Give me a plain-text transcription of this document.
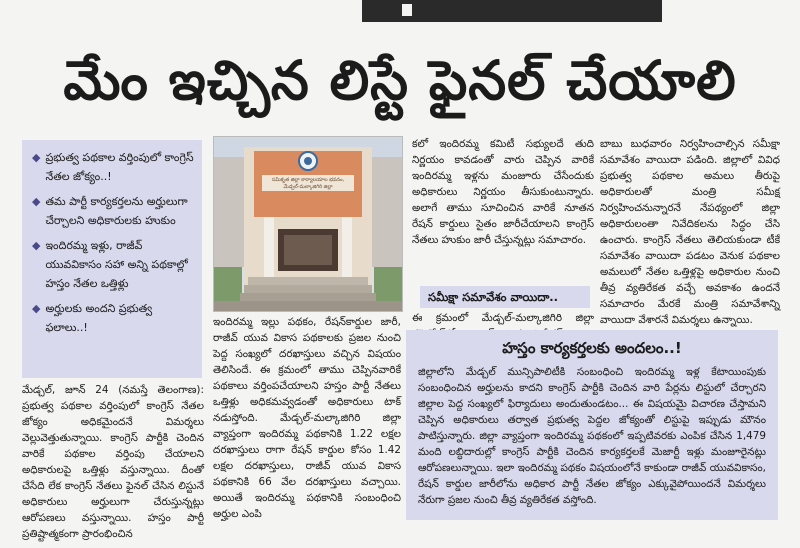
మేం ఇచ్చిన లిస్టే ఫైనల్ చేయాలి
◆ ప్రభుత్వ పథకాల వర్తింపులో కాంగ్రెస్ నేతల జోక్యం..!
◆ తమ పార్టీ కార్యకర్తలను అర్హులుగా చేర్చాలని అధికారులకు హుకుం
◆ ఇందిరమ్మ ఇళ్లు, రాజీవ్ యువవికాసం సహా అన్ని పథకాల్లో హస్తం నేతల ఒత్తిళ్లు
◆ అర్హులకు అందని ప్రభుత్వ ఫలాలు..!

మేడ్చల్, జూన్ 24 (నమస్తే తెలంగాణ): ప్రభుత్వ పథకాల వర్తింపులో కాంగ్రెస్ నేతల జోక్యం అధికమైందనే విమర్శలు వెల్లువెత్తుతున్నాయి. కాంగ్రెస్ పార్టీకి చెందిన వారికే పథకాల వర్తింపు చేయాలని అధికారులపై ఒత్తిళ్లు వస్తున్నాయి. దీంతో చేసేది లేక కాంగ్రెస్ నేతలు ఫైనల్ చేసిన లిస్టునే అధికారులు అర్హులుగా చేరుస్తున్నట్లు ఆరోపణలు వస్తున్నాయి. హస్తం పార్టీ ప్రతిష్టాత్మకంగా ప్రారంభించిన

సమీకృత జిల్లా కార్యాలయాల భవనం, మేడ్చల్-మల్కాజిగిరి జిల్లా

ఇందిరమ్మ ఇల్లు పథకం, రేషన్‌కార్డుల జారీ, రాజీవ్ యువ వికాస పథకాలకు ప్రజల నుంచి పెద్ద సంఖ్యలో దరఖాస్తులు వచ్చిన విషయం తెలిసిందే. ఈ క్రమంలో తాము చెప్పినవారికే పథకాలు వర్తింపచేయాలని హస్తం పార్టీ నేతలు ఒత్తిళ్లు అధికమవ్వడంతో అధికారులు టాక్ నడుస్తోంది. మేడ్చల్-మల్కాజిగిరి జిల్లా వ్యాప్తంగా ఇందిరమ్మ పథకానికి 1.22 లక్షల దరఖాస్తులు రాగా రేషన్ కార్డుల కోసం 1.42 లక్షల దరఖాస్తులు, రాజీవ్ యువ వికాస పథకానికి 66 వేల దరఖాస్తులు వచ్చాయి. అయితే ఇందిరమ్మ పథకానికి సంబంధించి అర్హుల ఎంపి

కలో ఇందిరమ్మ కమిటీ సభ్యులదే తుది నిర్ణయం కావడంతో వారు చెప్పిన వారికే ఇందిరమ్మ ఇళ్లను మంజూరు చేసేందుకు అధికారులు నిర్ణయం తీసుకుంటున్నారు. అలాగే తాము సూచించిన వారికే నూతన రేషన్ కార్డులు సైతం జారీచేయాలని కాంగ్రెస్ నేతలు హుకుం జారీ చేస్తున్నట్లు సమాచారం.

సమీక్షా సమావేశం వాయిదా..

ఈ క్రమంలో మేడ్చల్-మల్కాజిగిరి జిల్లా

బాబు బుధవారం నిర్వహించాల్సిన సమీక్షా సమావేశం వాయిదా పడింది. జిల్లాలో వివిధ ప్రభుత్వ పథకాల అమలు తీరుపై అధికారులతో మంత్రి సమీక్ష నిర్వహించనున్నారనే నేపథ్యంలో జిల్లా అధికారులంతా నివేదికలను సిద్ధం చేసి ఉంచారు. కాంగ్రెస్ నేతలు తెలియకుండా టీకే సమావేశం వాయిదా పడటం వెనుక పథకాల అమలులో నేతల ఒత్తిళ్లపై అధికారుల నుంచి తీవ్ర వ్యతిరేకత వచ్చే అవకాశం ఉందనే సమాచారం మేరకే మంత్రి సమావేశాన్ని వాయిదా వేశారనే విమర్శలు ఉన్నాయి.

హస్తం కార్యకర్తలకు అందలం..!
జిల్లాలోని మేడ్చల్ మున్సిపాలిటీకి సంబంధించి ఇందిరమ్మ ఇళ్ల కేటాయింపుకు సంబంధించిన అర్హులను కాదని కాంగ్రెస్ పార్టీకి చెందిన వారి పేర్లను లిస్టులో చేర్చారని జిల్లాల పెద్ద సంఖ్యలో ఫిర్యాదులు అందుతుండటం... ఈ విషయమై విచారణ చేస్తామని చెప్పిన అధికారులు తర్వాత ప్రభుత్వ పెద్దల జోక్యంతో లిస్టుపై ఇప్పుడు మౌనం పాటిస్తున్నారు. జిల్లా వ్యాప్తంగా ఇందిరమ్మ పథకంలో ఇప్పటివరకు ఎంపిక చేసిన 1,479 మంది లబ్ధిదారుల్లో కాంగ్రెస్ పార్టీకి చెందిన కార్యకర్తలకే మెజార్టీ ఇళ్లు మంజూరైనట్లు ఆరోపణలున్నాయి. ఇలా ఇందిరమ్మ పథకం విషయంలోనే కాకుండా రాజీవ్ యువవికాసం, రేషన్ కార్డుల జారీలోను అధికార పార్టీ నేతల జోక్యం ఎక్కువైపోయిందనే విమర్శలు నేరుగా ప్రజల నుంచి తీవ్ర వ్యతిరేకత వస్తోంది.
